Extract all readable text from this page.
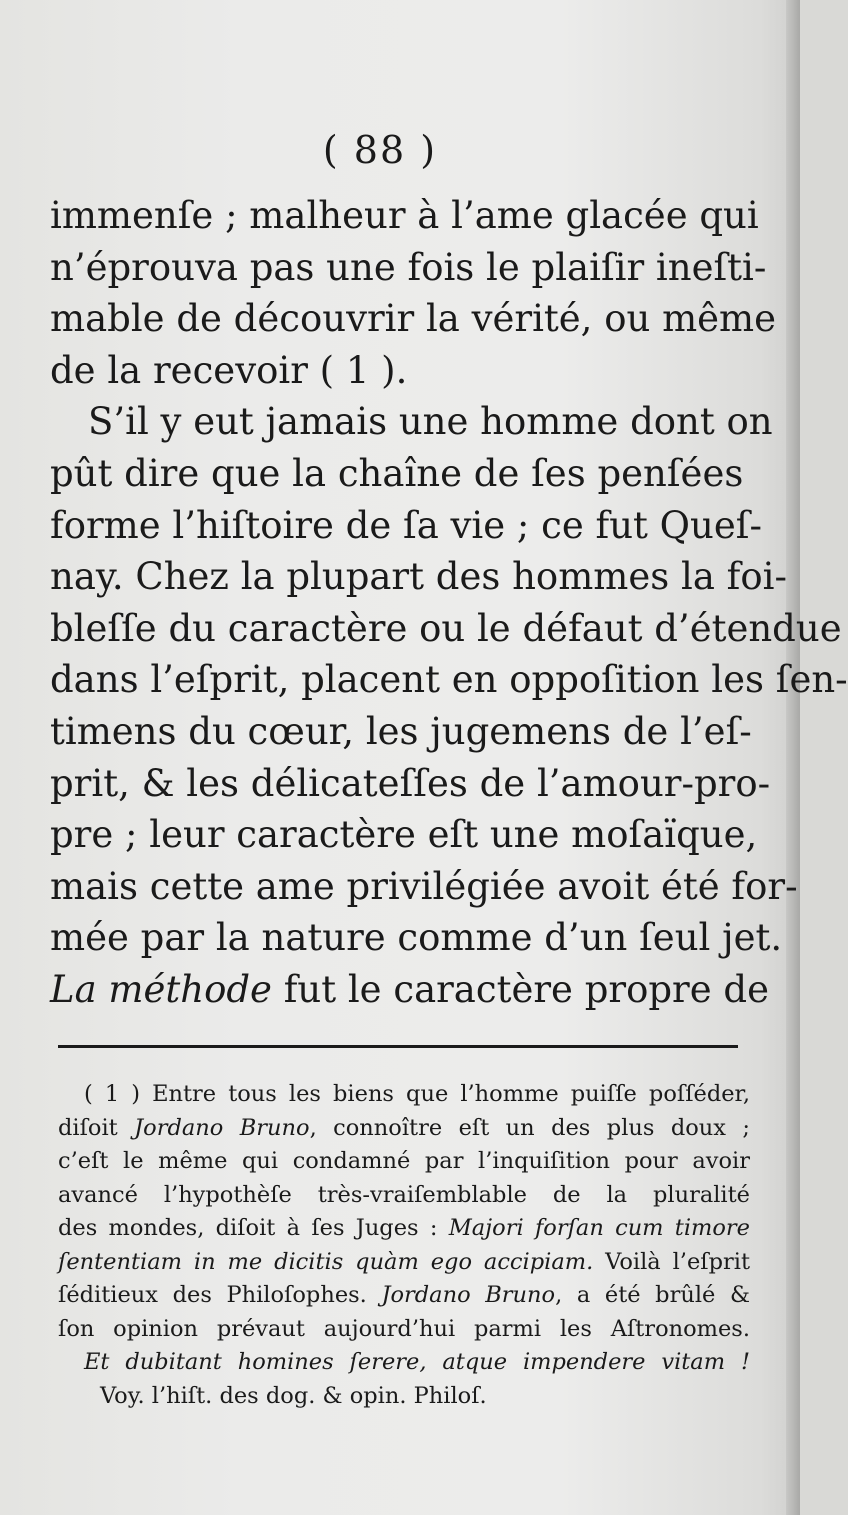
( 88 )
immenſe ; malheur à l’ame glacée qui
n’éprouva pas une fois le plaiſir ineſti-
mable de découvrir la vérité, ou même
de la recevoir ( 1 ).
S’il y eut jamais une homme dont on
pût dire que la chaîne de ſes penſées
forme l’hiſtoire de ſa vie ; ce fut Queſ-
nay. Chez la plupart des hommes la foi-
bleſſe du caractère ou le défaut d’étendue
dans l’eſprit, placent en oppoſition les ſen-
timens du cœur, les jugemens de l’eſ-
prit, & les délicateſſes de l’amour-pro-
pre ; leur caractère eſt une moſaïque,
mais cette ame privilégiée avoit été for-
mée par la nature comme d’un ſeul jet.
La méthode fut le caractère propre de
( 1 ) Entre tous les biens que l’homme puiſſe poſſéder,
diſoit Jordano Bruno, connoître eſt un des plus doux ;
c’eſt le même qui condamné par l’inquiſition pour avoir
avancé l’hypothèſe très-vraiſemblable de la pluralité
des mondes, diſoit à ſes Juges : Majori forſan cum timore
ſententiam in me dicitis quàm ego accipiam. Voilà l’eſprit
ſéditieux des Philoſophes. Jordano Bruno, a été brûlé &
ſon opinion prévaut aujourd’hui parmi les Aſtronomes.
Et dubitant homines ſerere, atque impendere vitam !
Voy. l’hiſt. des dog. & opin. Philoſ.
